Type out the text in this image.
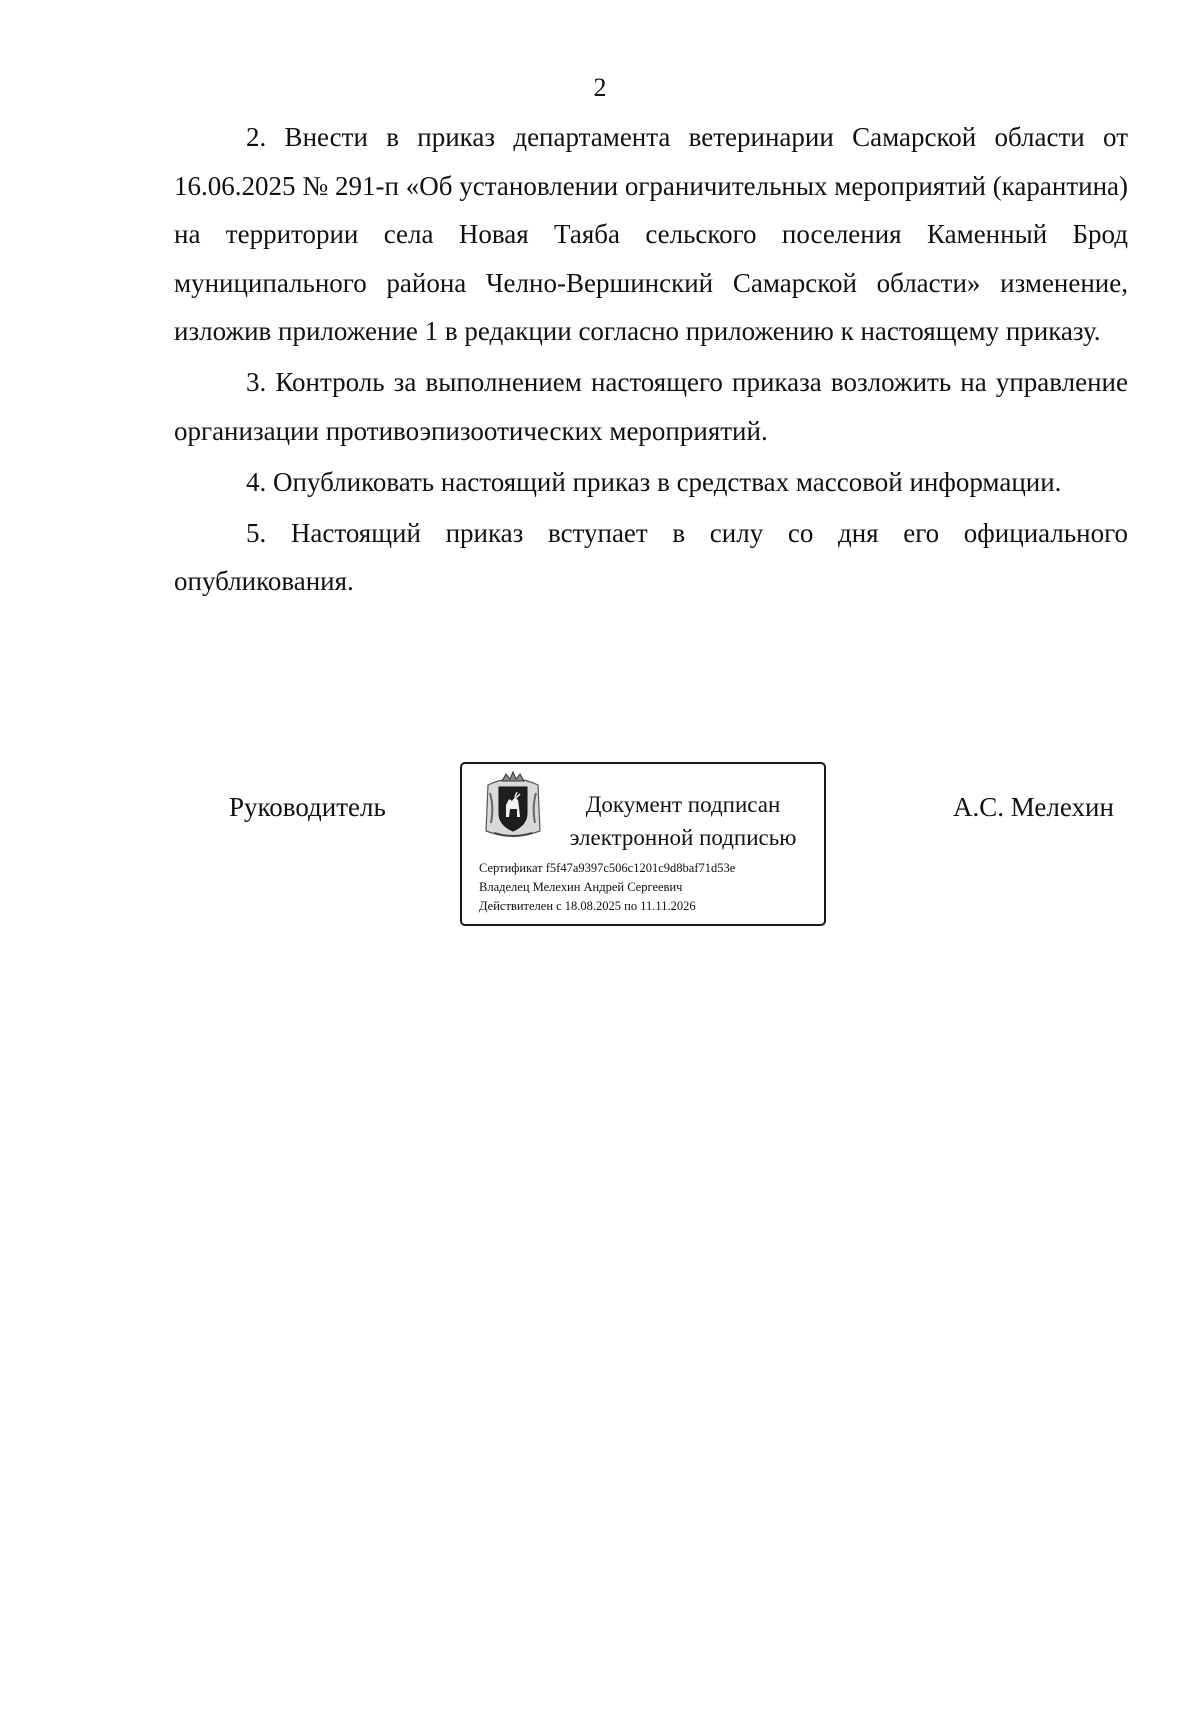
2

2. Внести в приказ департамента ветеринарии Самарской области от 16.06.2025 № 291-п «Об установлении ограничительных мероприятий (карантина) на территории села Новая Таяба сельского поселения Каменный Брод муниципального района Челно-Вершинский Самарской области» изменение, изложив приложение 1 в редакции согласно приложению к настоящему приказу.

3. Контроль за выполнением настоящего приказа возложить на управление организации противоэпизоотических мероприятий.

4. Опубликовать настоящий приказ в средствах массовой информации.

5. Настоящий приказ вступает в силу со дня его официального опубликования.

Руководитель	Документ подписан
электронной подписью
Сертификат f5f47a9397c506c1201c9d8baf71d53e
Владелец Мелехин Андрей Сергеевич
Действителен с 18.08.2025 по 11.11.2026
А.С. Мелехин
